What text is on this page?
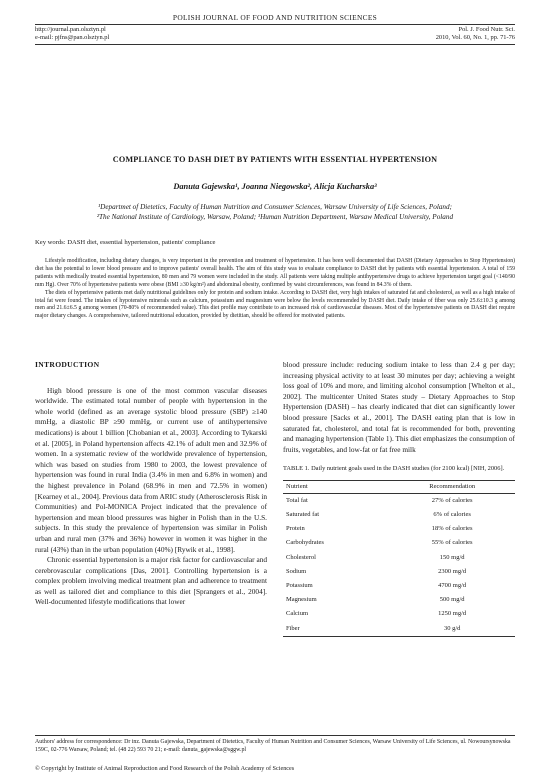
POLISH JOURNAL OF FOOD AND NUTRITION SCIENCES
http://journal.pan.olsztyn.pl	Pol. J. Food Nutr. Sci.
e-mail: pjfns@pan.olsztyn.pl	2010, Vol. 60, No. 1, pp. 71-76
COMPLIANCE TO DASH DIET BY PATIENTS WITH ESSENTIAL HYPERTENSION
Danuta Gajewska¹, Joanna Niegowska², Alicja Kucharska³
¹Departmet of Dietetics, Faculty of Human Nutrition and Consumer Sciences, Warsaw University of Life Sciences, Poland;
²The National Institute of Cardiology, Warsaw, Poland; ³Human Nutrition Department, Warsaw Medical University, Poland
Key words: DASH diet, essential hypertension, patients' compliance

Lifestyle modification, including dietary changes, is very important in the prevention and treatment of hypertension. It has been well documented that DASH (Dietary Approaches to Stop Hypertension) diet has the potential to lower blood pressure and to improve patients' overall health. The aim of this study was to evaluate compliance to DASH diet by patients with essential hypertension. A total of 159 patients with medically treated essential hypertension, 80 men and 79 women were included in the study. All patients were taking multiple antihypertensive drugs to achieve hypertension target goal (<140/90 mm Hg). Over 70% of hypertensive patients were obese (BMI ≥30 kg/m²) and abdominal obesity, confirmed by waist circumferences, was found in 84.3% of them.

The diets of hypertensive patients met daily nutritional guidelines only for protein and sodium intake. According to DASH diet, very high intakes of saturated fat and cholesterol, as well as a high intake of total fat were found. The intakes of hypotensive minerals such as calcium, potassium and magnesium were below the levels recommended by DASH diet. Daily intake of fiber was only 25.6±10.3 g among men and 21.6±6.5 g among women (70-80% of recommended value). This diet profile may contribute to an increased risk of cardiovascular diseases. Most of the hypertensive patients on DASH diet require major dietary changes. A comprehensive, tailored nutritional education, provided by dietitian, should be offered for motivated patients.

INTRODUCTION

High blood pressure is one of the most common vascular diseases worldwide. The estimated total number of people with hypertension in the whole world (defined as an average systolic blood pressure (SBP) ≥140 mmHg, a diastolic BP ≥90 mmHg, or current use of antihypertensive medications) is about 1 billion [Chobanian et al., 2003]. According to Tykarski et al. [2005], in Poland hypertension affects 42.1% of adult men and 32.9% of women. In a systematic review of the worldwide prevalence of hypertension, which was based on studies from 1980 to 2003, the lowest prevalence of hypertension was found in rural India (3.4% in men and 6.8% in women) and the highest prevalence in Poland (68.9% in men and 72.5% in women) [Kearney et al., 2004]. Previous data from ARIC study (Atherosclerosis Risk in Communities) and Pol-MONICA Project indicated that the prevalence of hypertension and mean blood pressures was higher in Polish than in the U.S. subjects. In this study the prevalence of hypertension was similar in Polish urban and rural men (37% and 36%) however in women it was higher in the rural (43%) than in the urban population (40%) [Rywik et al., 1998].

Chronic essential hypertension is a major risk factor for cardiovascular and cerebrovascular complications [Das, 2001]. Controlling hypertension is a complex problem involving medical treatment plan and adherence to treatment as well as tailored diet and compliance to this diet [Sprangers et al., 2004]. Well-documented lifestyle modifications that lower

blood pressure include: reducing sodium intake to less than 2.4 g per day; increasing physical activity to at least 30 minutes per day; achieving a weight loss goal of 10% and more, and limiting alcohol consumption [Whelton et al., 2002]. The multicenter United States study – Dietary Approaches to Stop Hypertension (DASH) – has clearly indicated that diet can significantly lower blood pressure [Sacks et al., 2001]. The DASH eating plan that is low in saturated fat, cholesterol, and total fat is recommended for both, preventing and managing hypertension (Table 1). This diet emphasizes the consumption of fruits, vegetables, and low-fat or fat free milk

TABLE 1. Daily nutrient goals used in the DASH studies (for 2100 kcal) [NIH, 2006].
Nutrient	Recommendation
Total fat	27% of calories
Saturated fat	6% of calories
Protein	18% of calories
Carbohydrates	55% of calories
Cholesterol	150 mg/d
Sodium	2300 mg/d
Potassium	4700 mg/d
Magnesium	500 mg/d
Calcium	1250 mg/d
Fiber	30 g/d
Authors' address for correspondence: Dr inz. Danuta Gajewska, Department of Dietetics, Faculty of Human Nutrition and Consumer Sciences, Warsaw University of Life Sciences, ul. Nowoursynowska 159C, 02-776 Warsaw, Poland; tel. (48 22) 593 70 21; e-mail: danuta_gajewska@sggw.pl
© Copyright by Institute of Animal Reproduction and Food Research of the Polish Academy of Sciences
